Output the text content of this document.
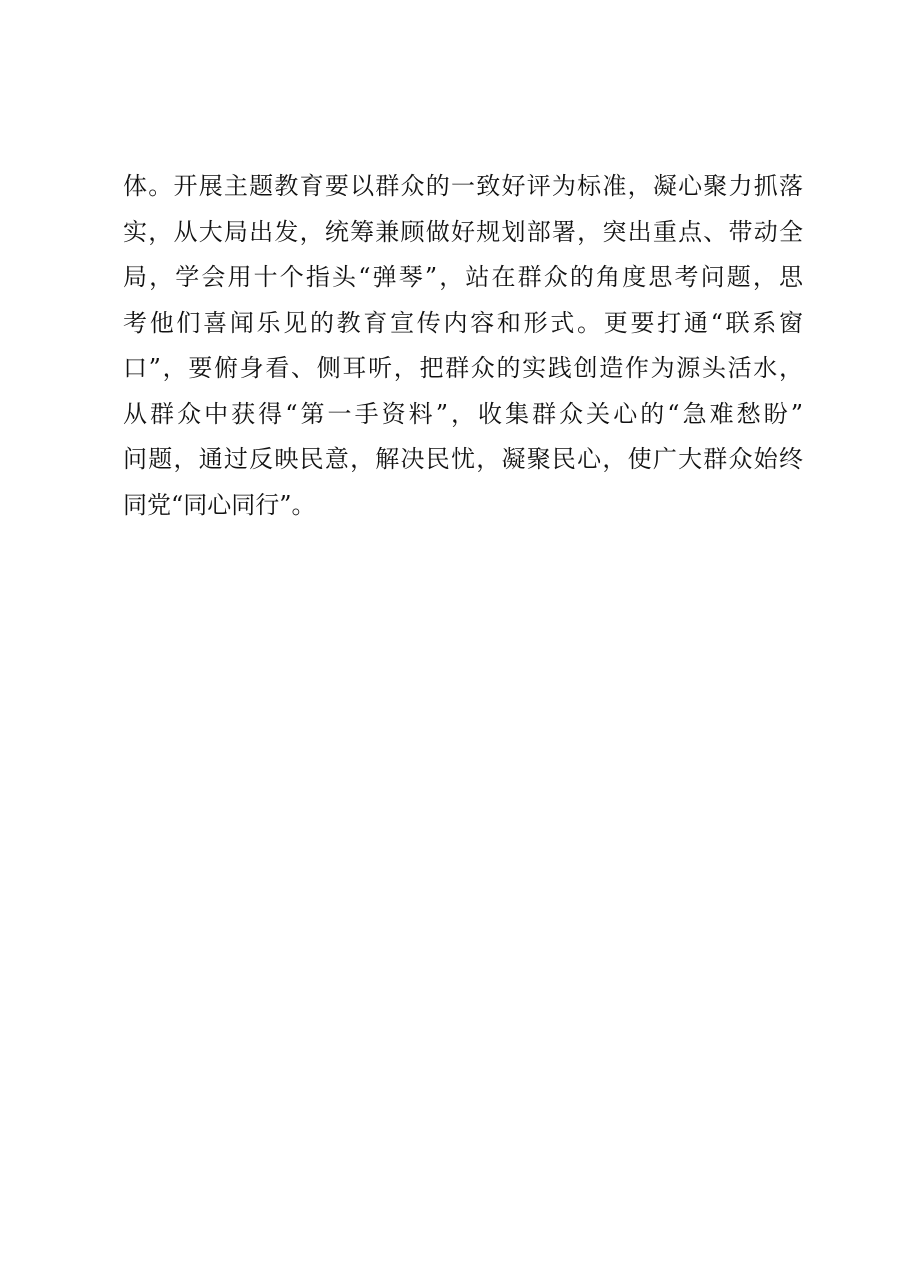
体。开展主题教育要以群众的一致好评为标准，凝心聚力抓落
实，从大局出发，统筹兼顾做好规划部署，突出重点、带动全
局，学会用十个指头“弹琴”，站在群众的角度思考问题，思
考他们喜闻乐见的教育宣传内容和形式。更要打通“联系窗
口”，要俯身看、侧耳听，把群众的实践创造作为源头活水，
从群众中获得“第一手资料”，收集群众关心的“急难愁盼”
问题，通过反映民意，解决民忧，凝聚民心，使广大群众始终
同党“同心同行”。
